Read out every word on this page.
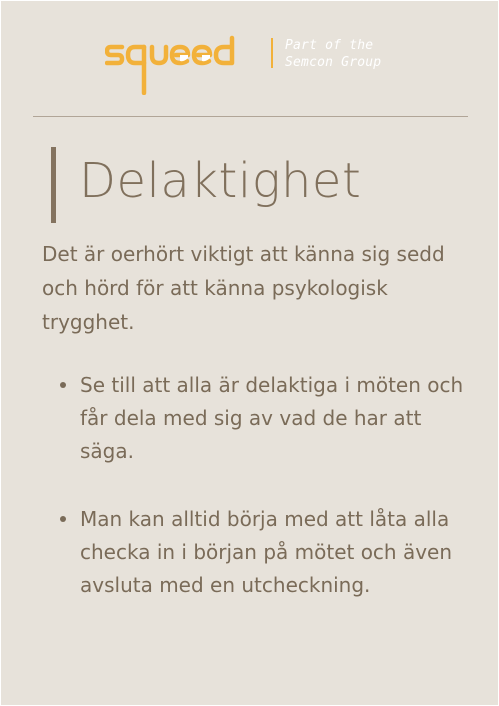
Part of the
Semcon Group
Delaktighet

Det är oerhört viktigt att känna sig sedd och hörd för att känna psykologisk trygghet.

Se till att alla är delaktiga i möten och får dela med sig av vad de har att säga.
Man kan alltid börja med att låta alla checka in i början på mötet och även avsluta med en utcheckning.
